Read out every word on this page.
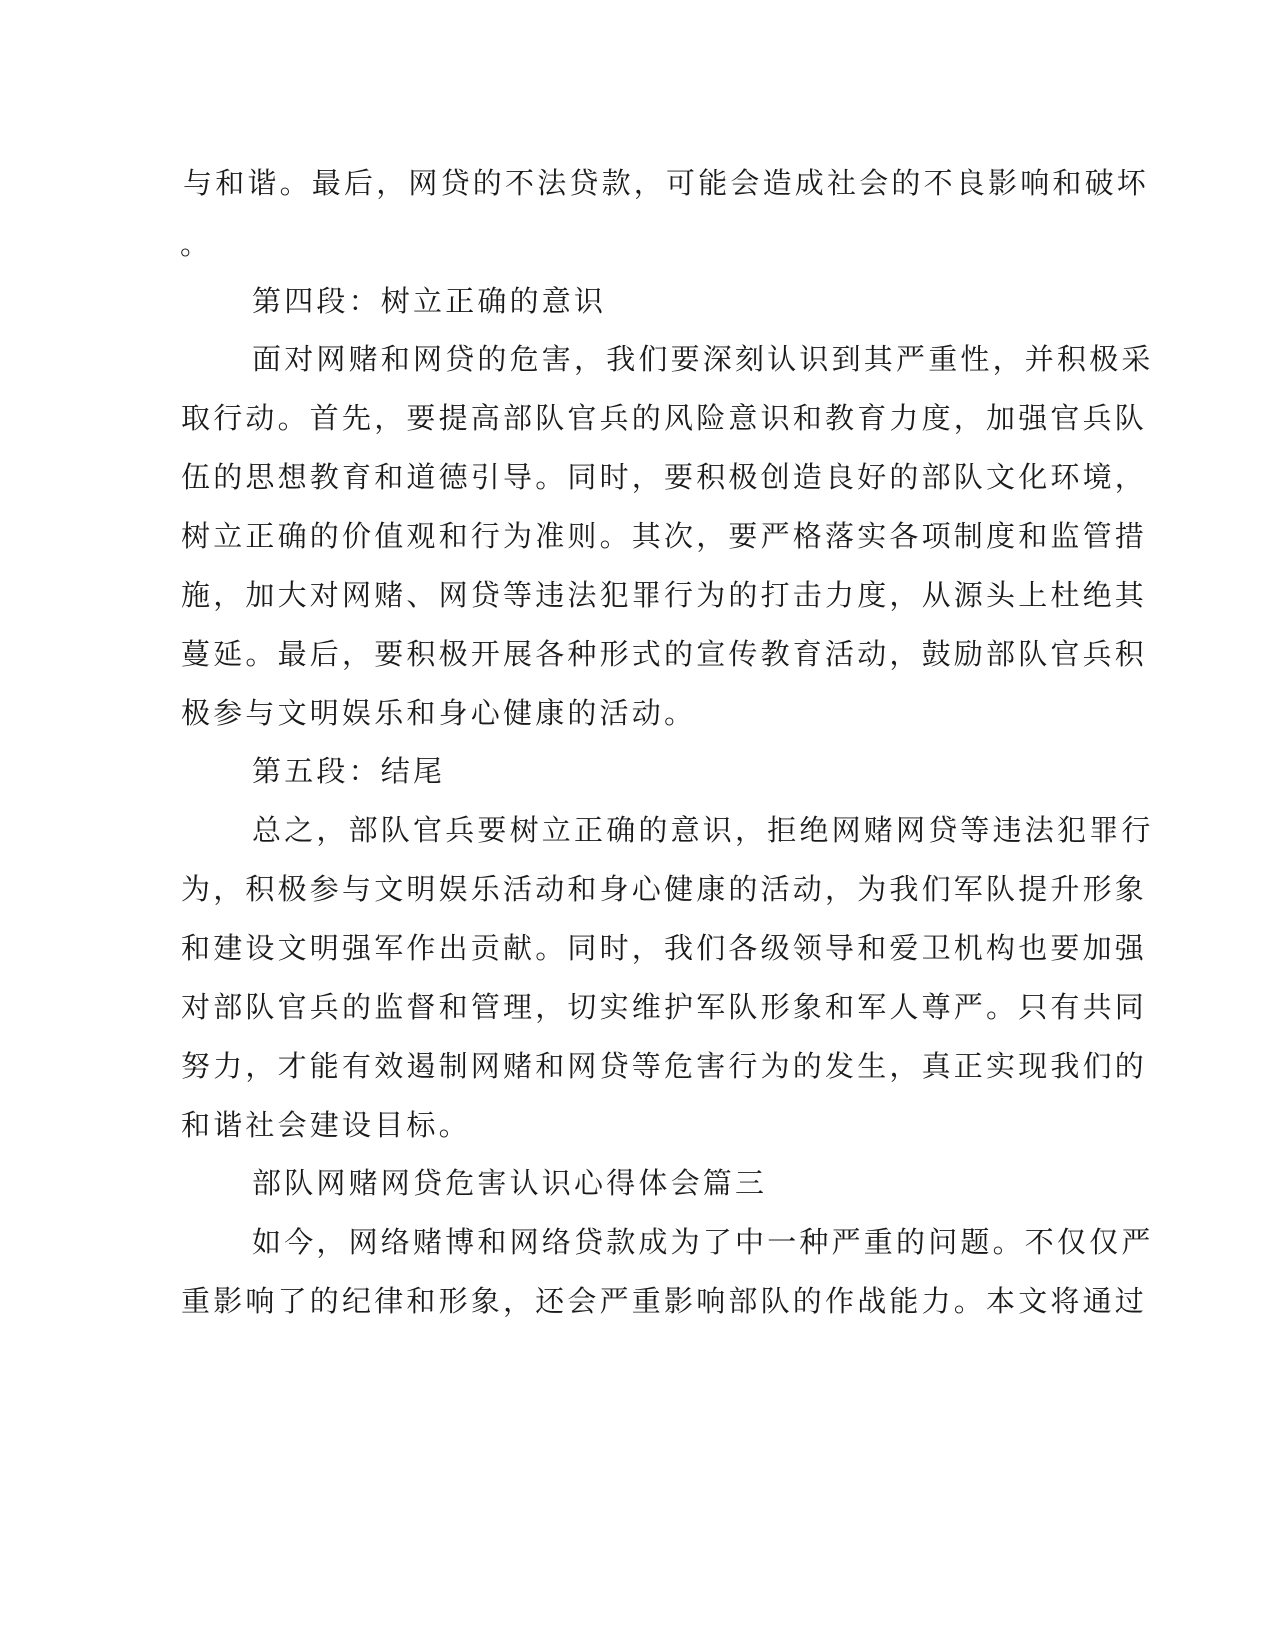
与和谐。最后，网贷的不法贷款，可能会造成社会的不良影响和破坏
。
第四段：树立正确的意识
面对网赌和网贷的危害，我们要深刻认识到其严重性，并积极采
取行动。首先，要提高部队官兵的风险意识和教育力度，加强官兵队
伍的思想教育和道德引导。同时，要积极创造良好的部队文化环境，
树立正确的价值观和行为准则。其次，要严格落实各项制度和监管措
施，加大对网赌、网贷等违法犯罪行为的打击力度，从源头上杜绝其
蔓延。最后，要积极开展各种形式的宣传教育活动，鼓励部队官兵积
极参与文明娱乐和身心健康的活动。
第五段：结尾
总之，部队官兵要树立正确的意识，拒绝网赌网贷等违法犯罪行
为，积极参与文明娱乐活动和身心健康的活动，为我们军队提升形象
和建设文明强军作出贡献。同时，我们各级领导和爱卫机构也要加强
对部队官兵的监督和管理，切实维护军队形象和军人尊严。只有共同
努力，才能有效遏制网赌和网贷等危害行为的发生，真正实现我们的
和谐社会建设目标。
部队网赌网贷危害认识心得体会篇三
如今，网络赌博和网络贷款成为了中一种严重的问题。不仅仅严
重影响了的纪律和形象，还会严重影响部队的作战能力。本文将通过
